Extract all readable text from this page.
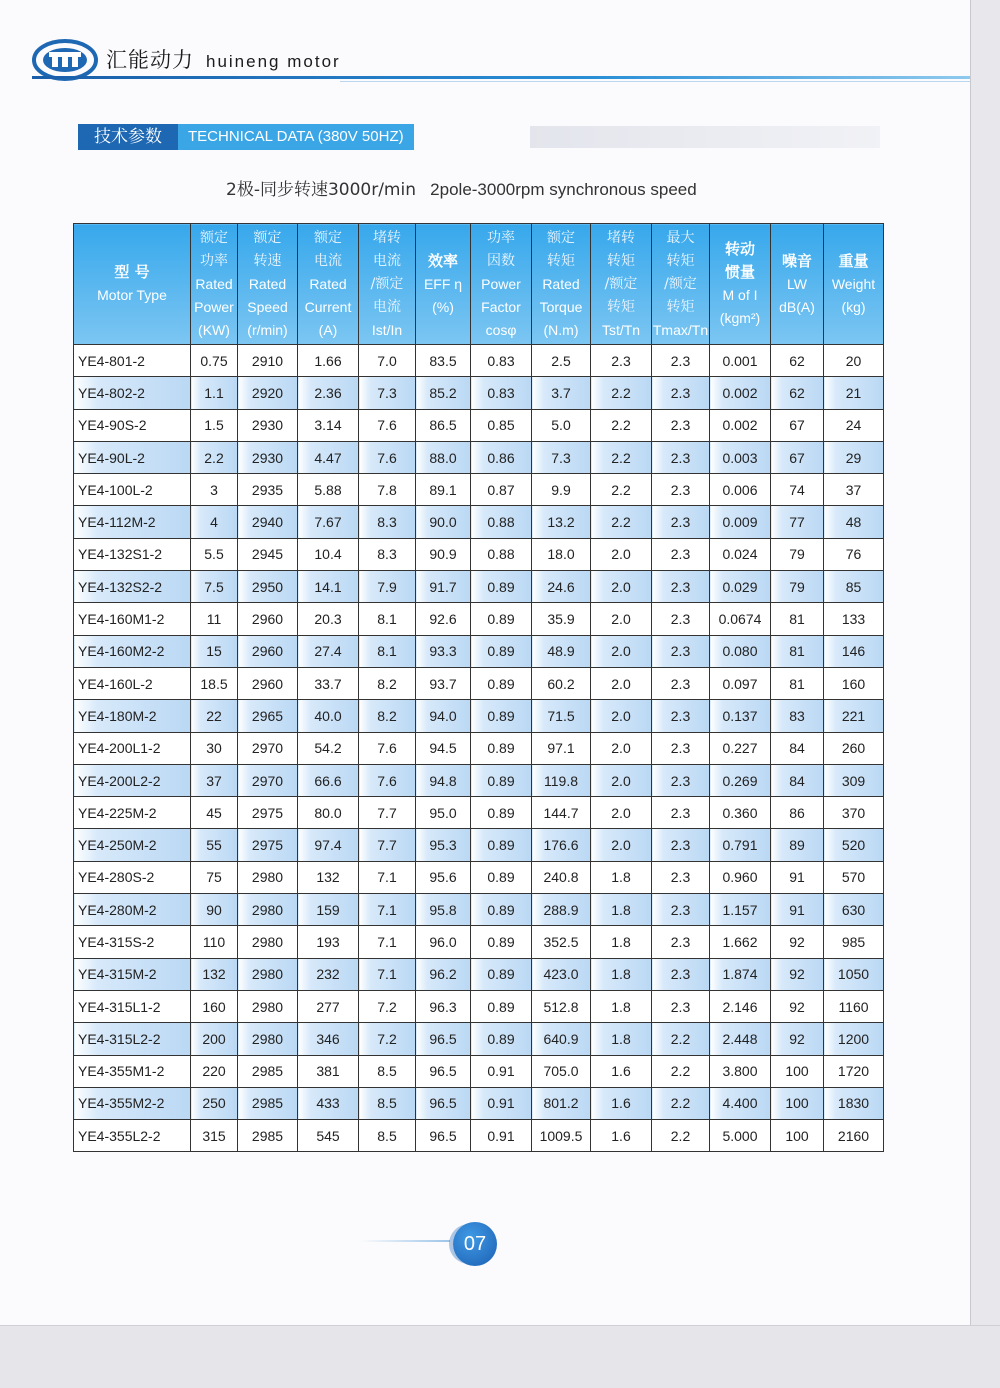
汇能动力 huineng motor
技术参数	TECHNICAL DATA (380V 50HZ)
2极-同步转速3000r/min 2pole-3000rpm synchronous speed
型 号
Motor Type	额定
功率
Rated
Power
(KW)	额定
转速
Rated
Speed
(r/min)	额定
电流
Rated
Current
(A)	堵转
电流
/额定
电流
Ist/In	效率
EFF η
(%)	功率
因数
Power
Factor
cosφ	额定
转矩
Rated
Torque
(N.m)	堵转
转矩
/额定
转矩
Tst/Tn	最大
转矩
/额定
转矩
Tmax/Tn	转动
惯量
M of I
(kgm²)	噪音
LW
dB(A)	重量
Weight
(kg)

YE4-801-2	0.75	2910	1.66	7.0	83.5	0.83	2.5	2.3	2.3	0.001	62	20
YE4-802-2	1.1	2920	2.36	7.3	85.2	0.83	3.7	2.2	2.3	0.002	62	21
YE4-90S-2	1.5	2930	3.14	7.6	86.5	0.85	5.0	2.2	2.3	0.002	67	24
YE4-90L-2	2.2	2930	4.47	7.6	88.0	0.86	7.3	2.2	2.3	0.003	67	29
YE4-100L-2	3	2935	5.88	7.8	89.1	0.87	9.9	2.2	2.3	0.006	74	37
YE4-112M-2	4	2940	7.67	8.3	90.0	0.88	13.2	2.2	2.3	0.009	77	48
YE4-132S1-2	5.5	2945	10.4	8.3	90.9	0.88	18.0	2.0	2.3	0.024	79	76
YE4-132S2-2	7.5	2950	14.1	7.9	91.7	0.89	24.6	2.0	2.3	0.029	79	85
YE4-160M1-2	11	2960	20.3	8.1	92.6	0.89	35.9	2.0	2.3	0.0674	81	133
YE4-160M2-2	15	2960	27.4	8.1	93.3	0.89	48.9	2.0	2.3	0.080	81	146
YE4-160L-2	18.5	2960	33.7	8.2	93.7	0.89	60.2	2.0	2.3	0.097	81	160
YE4-180M-2	22	2965	40.0	8.2	94.0	0.89	71.5	2.0	2.3	0.137	83	221
YE4-200L1-2	30	2970	54.2	7.6	94.5	0.89	97.1	2.0	2.3	0.227	84	260
YE4-200L2-2	37	2970	66.6	7.6	94.8	0.89	119.8	2.0	2.3	0.269	84	309
YE4-225M-2	45	2975	80.0	7.7	95.0	0.89	144.7	2.0	2.3	0.360	86	370
YE4-250M-2	55	2975	97.4	7.7	95.3	0.89	176.6	2.0	2.3	0.791	89	520
YE4-280S-2	75	2980	132	7.1	95.6	0.89	240.8	1.8	2.3	0.960	91	570
YE4-280M-2	90	2980	159	7.1	95.8	0.89	288.9	1.8	2.3	1.157	91	630
YE4-315S-2	110	2980	193	7.1	96.0	0.89	352.5	1.8	2.3	1.662	92	985
YE4-315M-2	132	2980	232	7.1	96.2	0.89	423.0	1.8	2.3	1.874	92	1050
YE4-315L1-2	160	2980	277	7.2	96.3	0.89	512.8	1.8	2.3	2.146	92	1160
YE4-315L2-2	200	2980	346	7.2	96.5	0.89	640.9	1.8	2.2	2.448	92	1200
YE4-355M1-2	220	2985	381	8.5	96.5	0.91	705.0	1.6	2.2	3.800	100	1720
YE4-355M2-2	250	2985	433	8.5	96.5	0.91	801.2	1.6	2.2	4.400	100	1830
YE4-355L2-2	315	2985	545	8.5	96.5	0.91	1009.5	1.6	2.2	5.000	100	2160
07
